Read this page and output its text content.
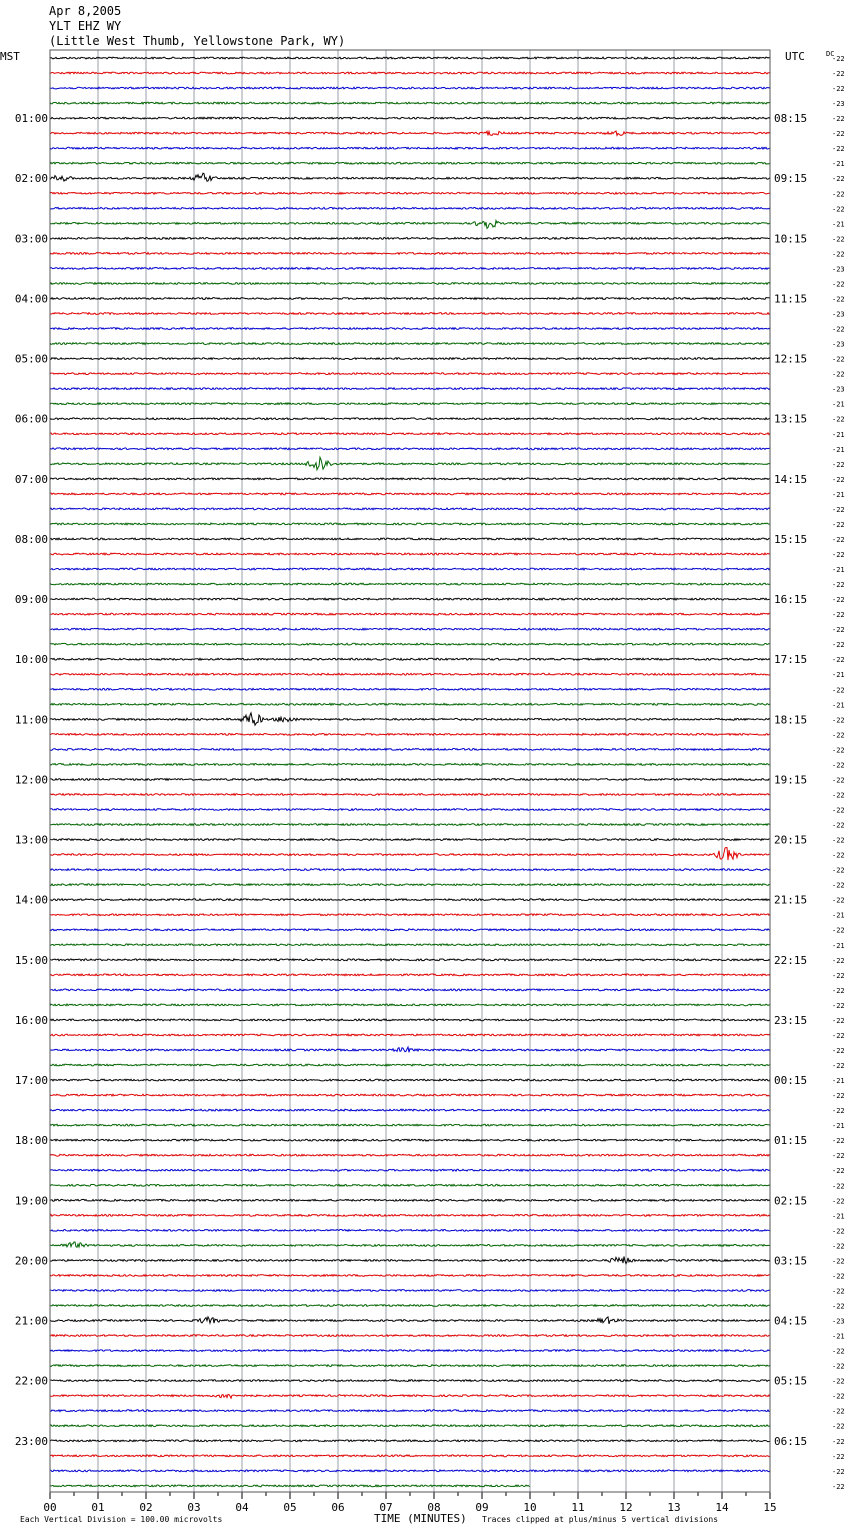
Apr 8,2005
YLT EHZ WY
(Little West Thumb, Yellowstone Park, WY)
00	01	02	03	04	05	06	07	08	09	10	11	12	13	14	15
01:00
02:00
03:00
04:00
05:00
06:00
07:00
08:00
09:00
10:00
11:00
12:00
13:00
14:00
15:00
16:00
17:00
18:00
19:00
20:00
21:00
22:00
23:00
08:15
09:15
10:15
11:15
12:15
13:15
14:15
15:15
16:15
17:15
18:15
19:15
20:15
21:15
22:15
23:15
00:15
01:15
02:15
03:15
04:15
05:15
06:15
-22
-22
-22
-23
-22
-22
-22
-21
-22
-22
-22
-21
-22
-22
-23
-22
-22
-23
-22
-23
-22
-22
-23
-21
-22
-21
-21
-22
-22
-21
-22
-22
-22
-22
-21
-22
-22
-22
-22
-22
-22
-21
-22
-21
-22
-22
-22
-22
-22
-22
-22
-22
-22
-22
-22
-22
-22
-21
-22
-21
-22
-22
-22
-22
-22
-22
-22
-22
-21
-22
-22
-21
-22
-22
-22
-22
-22
-21
-22
-22
-22
-22
-22
-22
-23
-21
-22
-22
-22
-22
-22
-22
-22
-22
-22
-22
MST	UTC	DC
Each Vertical Division = 100.00 microvolts	TIME (MINUTES) Traces clipped at plus/minus 5 vertical divisions
